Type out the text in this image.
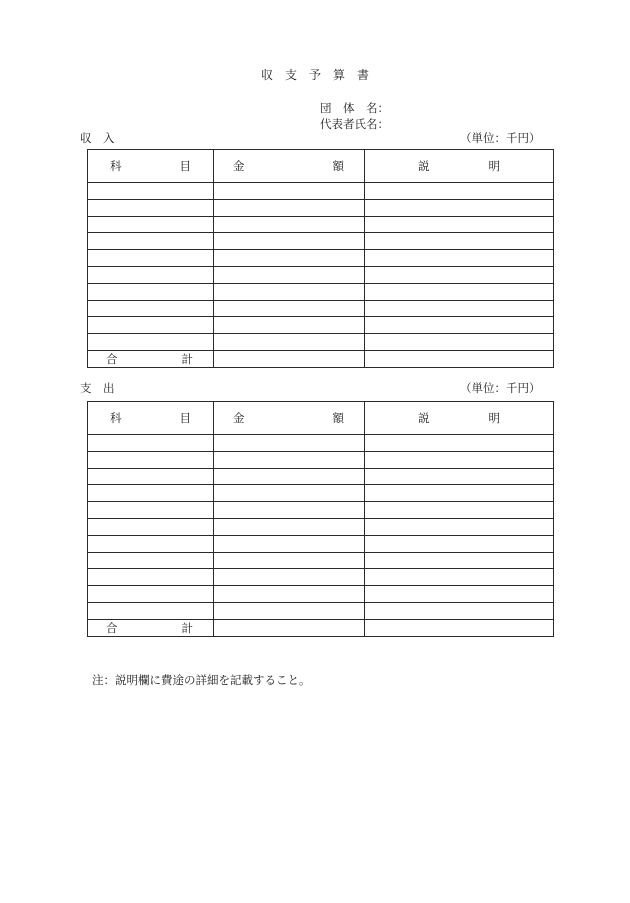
収　支　予　算　書
団　体　名：
代表者氏名：
収　入	（単位：千円）
科 目	金 額	説 明

合 計		

支　出	（単位：千円）
科 目	金 額	説 明

合 計		

注：説明欄に費途の詳細を記載すること。
